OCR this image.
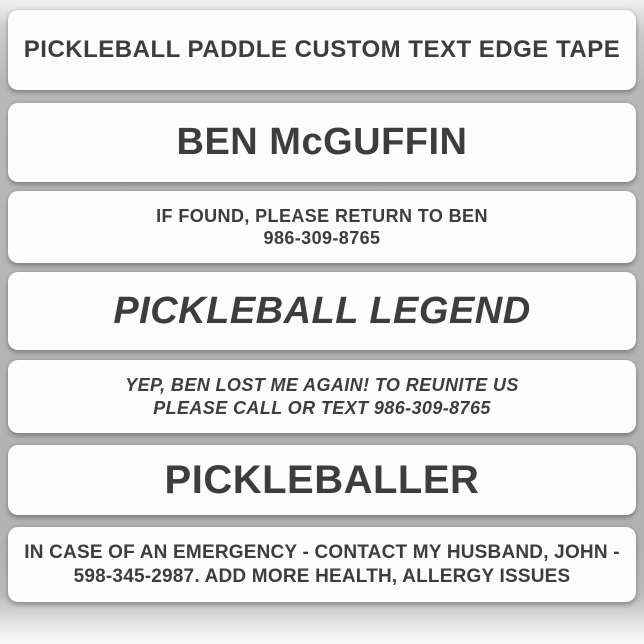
PICKLEBALL PADDLE CUSTOM TEXT EDGE TAPE
BEN McGUFFIN
IF FOUND, PLEASE RETURN TO BEN
986-309-8765
PICKLEBALL LEGEND
YEP, BEN LOST ME AGAIN! TO REUNITE US
PLEASE CALL OR TEXT 986-309-8765
PICKLEBALLER
IN CASE OF AN EMERGENCY - CONTACT MY HUSBAND, JOHN -
598-345-2987. ADD MORE HEALTH, ALLERGY ISSUES
